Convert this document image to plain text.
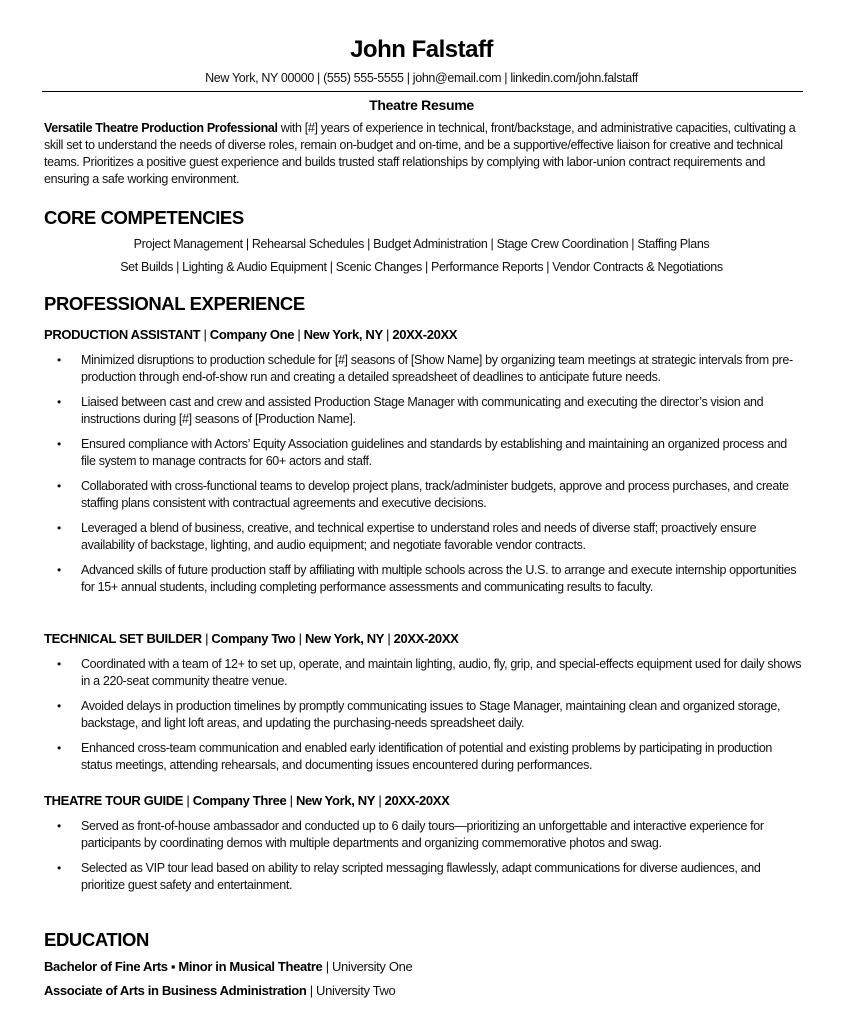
John Falstaff
New York, NY 00000 | (555) 555-5555 | john@email.com | linkedin.com/john.falstaff
Theatre Resume
Versatile Theatre Production Professional with [#] years of experience in technical, front/backstage, and administrative capacities, cultivating a skill set to understand the needs of diverse roles, remain on-budget and on-time, and be a supportive/effective liaison for creative and technical teams. Prioritizes a positive guest experience and builds trusted staff relationships by complying with labor-union contract requirements and ensuring a safe working environment.
CORE COMPETENCIES
Project Management | Rehearsal Schedules | Budget Administration | Stage Crew Coordination | Staffing Plans
Set Builds | Lighting & Audio Equipment | Scenic Changes | Performance Reports | Vendor Contracts & Negotiations
PROFESSIONAL EXPERIENCE
PRODUCTION ASSISTANT | Company One | New York, NY | 20XX-20XX
• Minimized disruptions to production schedule for [#] seasons of [Show Name] by organizing team meetings at strategic intervals from pre-production through end-of-show run and creating a detailed spreadsheet of deadlines to anticipate future needs.
• Liaised between cast and crew and assisted Production Stage Manager with communicating and executing the director’s vision and instructions during [#] seasons of [Production Name].
• Ensured compliance with Actors’ Equity Association guidelines and standards by establishing and maintaining an organized process and file system to manage contracts for 60+ actors and staff.
• Collaborated with cross-functional teams to develop project plans, track/administer budgets, approve and process purchases, and create staffing plans consistent with contractual agreements and executive decisions.
• Leveraged a blend of business, creative, and technical expertise to understand roles and needs of diverse staff; proactively ensure availability of backstage, lighting, and audio equipment; and negotiate favorable vendor contracts.
• Advanced skills of future production staff by affiliating with multiple schools across the U.S. to arrange and execute internship opportunities for 15+ annual students, including completing performance assessments and communicating results to faculty.
TECHNICAL SET BUILDER | Company Two | New York, NY | 20XX-20XX
• Coordinated with a team of 12+ to set up, operate, and maintain lighting, audio, fly, grip, and special-effects equipment used for daily shows in a 220-seat community theatre venue.
• Avoided delays in production timelines by promptly communicating issues to Stage Manager, maintaining clean and organized storage, backstage, and light loft areas, and updating the purchasing-needs spreadsheet daily.
• Enhanced cross-team communication and enabled early identification of potential and existing problems by participating in production status meetings, attending rehearsals, and documenting issues encountered during performances.
THEATRE TOUR GUIDE | Company Three | New York, NY | 20XX-20XX
• Served as front-of-house ambassador and conducted up to 6 daily tours—prioritizing an unforgettable and interactive experience for participants by coordinating demos with multiple departments and organizing commemorative photos and swag.
• Selected as VIP tour lead based on ability to relay scripted messaging flawlessly, adapt communications for diverse audiences, and prioritize guest safety and entertainment.
EDUCATION
Bachelor of Fine Arts ▪ Minor in Musical Theatre | University One
Associate of Arts in Business Administration | University Two
